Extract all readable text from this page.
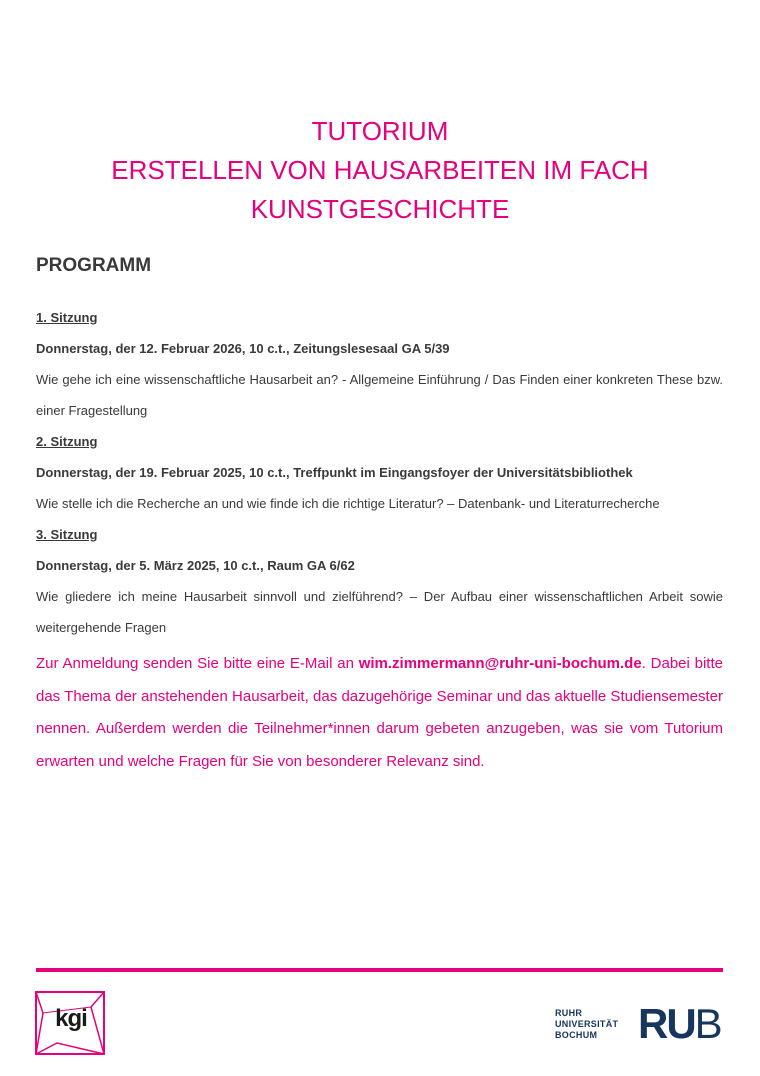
TUTORIUM
ERSTELLEN VON HAUSARBEITEN IM FACH
KUNSTGESCHICHTE
PROGRAMM

1. Sitzung

Donnerstag, der 12. Februar 2026, 10 c.t., Zeitungslesesaal GA 5/39

Wie gehe ich eine wissenschaftliche Hausarbeit an? - Allgemeine Einführung / Das Finden einer konkreten These bzw. einer Fragestellung

2. Sitzung

Donnerstag, der 19. Februar 2025, 10 c.t., Treffpunkt im Eingangsfoyer der Universitätsbibliothek

Wie stelle ich die Recherche an und wie finde ich die richtige Literatur? – Datenbank- und Literaturrecherche

3. Sitzung

Donnerstag, der 5. März 2025, 10 c.t., Raum GA 6/62

Wie gliedere ich meine Hausarbeit sinnvoll und zielführend? – Der Aufbau einer wissenschaftlichen Arbeit sowie weitergehende Fragen

Zur Anmeldung senden Sie bitte eine E-Mail an wim.zimmermann@ruhr-uni-bochum.de. Dabei bitte das Thema der anstehenden Hausarbeit, das dazugehörige Seminar und das aktuelle Studiensemester nennen. Außerdem werden die Teilnehmer*innen darum gebeten anzugeben, was sie vom Tutorium erwarten und welche Fragen für Sie von besonderer Relevanz sind.

kgi	RUHR
UNIVERSITÄT
BOCHUM RUB
